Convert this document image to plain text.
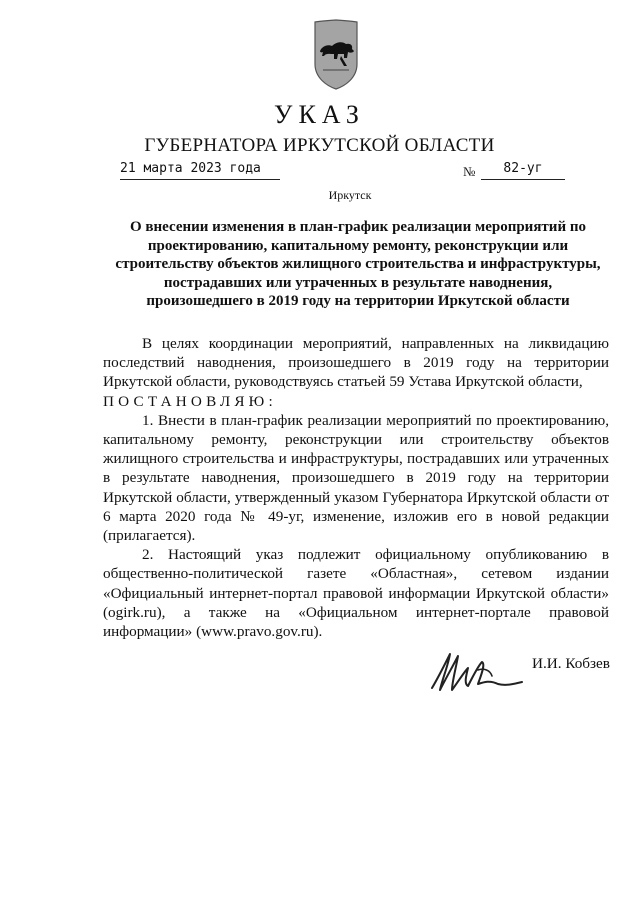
УКАЗ
ГУБЕРНАТОРА ИРКУТСКОЙ ОБЛАСТИ
21 марта 2023 года	№	82-уг
Иркутск
О внесении изменения в план-график реализации мероприятий по проектированию, капитальному ремонту, реконструкции или строительству объектов жилищного строительства и инфраструктуры, пострадавших или утраченных в результате наводнения, произошедшего в 2019 году на территории Иркутской области

В целях координации мероприятий, направленных на ликвидацию последствий наводнения, произошедшего в 2019 году на территории Иркутской области, руководствуясь статьей 59 Устава Иркутской области,

ПОСТАНОВЛЯЮ:

1. Внести в план-график реализации мероприятий по проектированию, капитальному ремонту, реконструкции или строительству объектов жилищного строительства и инфраструктуры, пострадавших или утраченных в результате наводнения, произошедшего в 2019 году на территории Иркутской области, утвержденный указом Губернатора Иркутской области от 6 марта 2020 года № 49-уг, изменение, изложив его в новой редакции (прилагается).

2. Настоящий указ подлежит официальному опубликованию в общественно-политической газете «Областная», сетевом издании «Официальный интернет-портал правовой информации Иркутской области» (ogirk.ru), а также на «Официальном интернет-портале правовой информации» (www.pravo.gov.ru).

И.И. Кобзев
